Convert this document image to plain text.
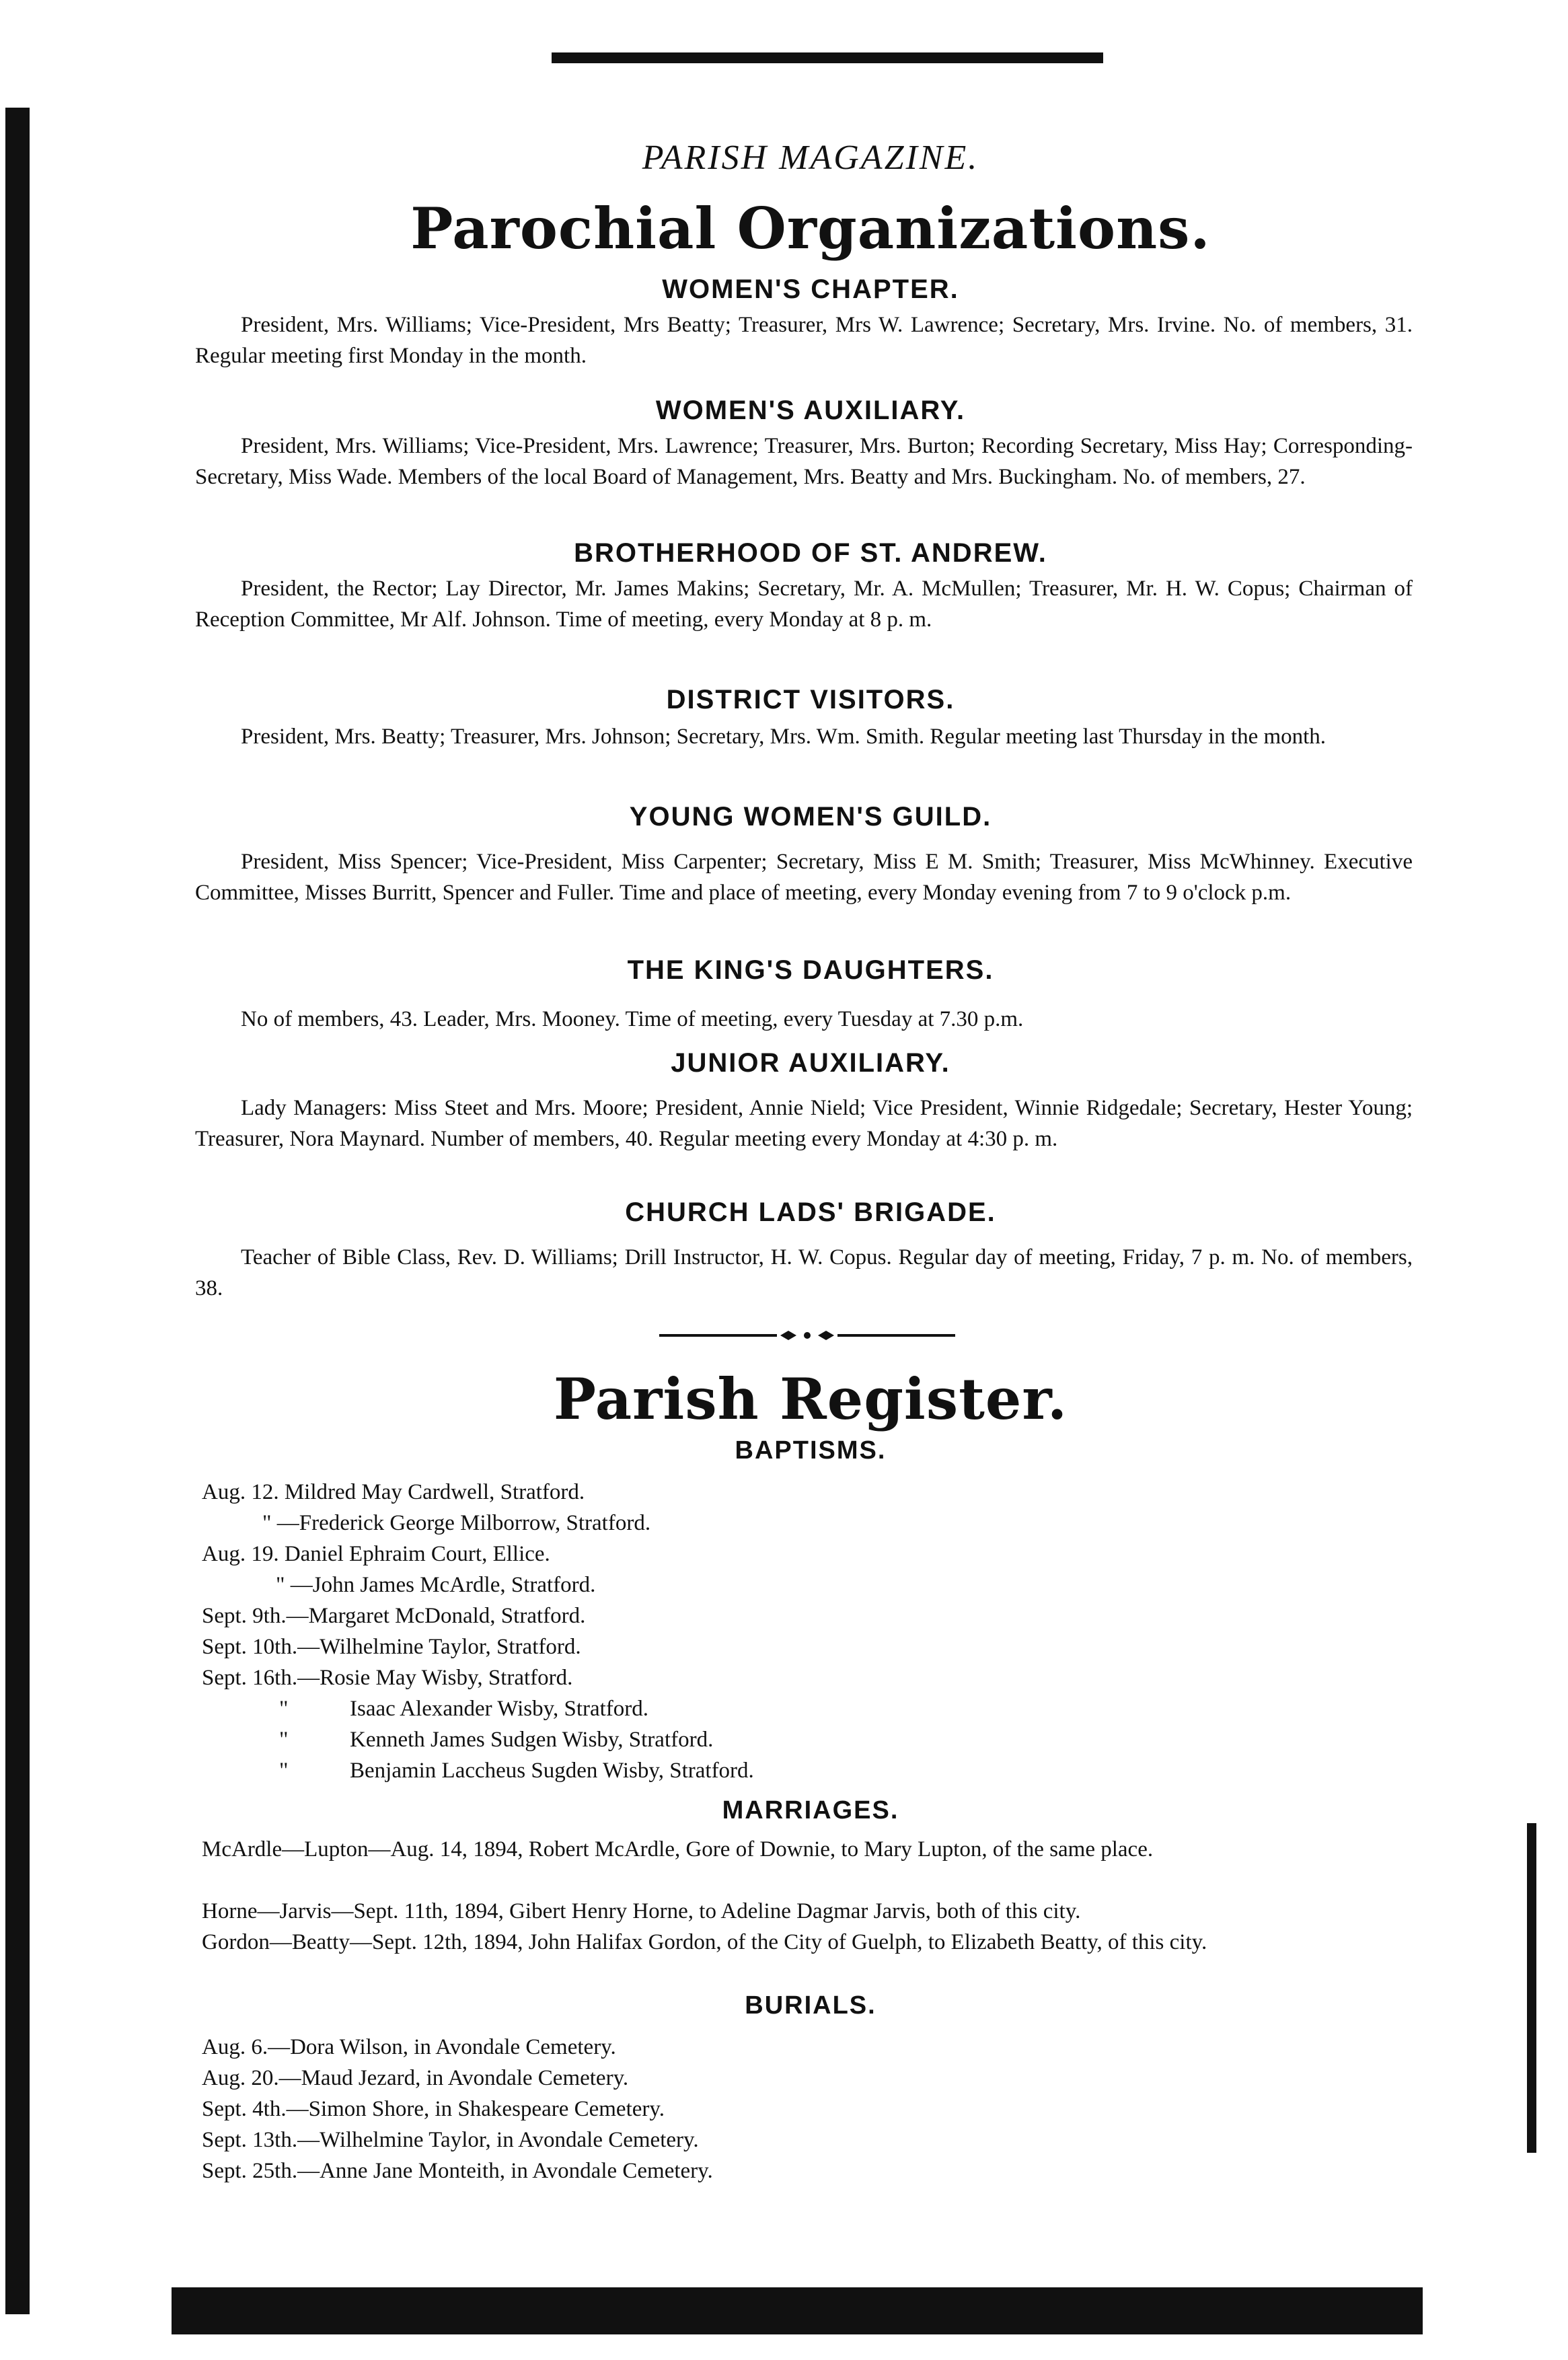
PARISH MAGAZINE.
Parochial Organizations.
WOMEN'S CHAPTER.
President, Mrs. Williams; Vice-President, Mrs Beatty; Treasurer, Mrs W. Lawrence; Secretary, Mrs. Irvine. No. of members, 31. Regular meeting first Monday in the month.
WOMEN'S AUXILIARY.
President, Mrs. Williams; Vice-President, Mrs. Lawrence; Treasurer, Mrs. Burton; Recording Secretary, Miss Hay; Corresponding-Secretary, Miss Wade. Members of the local Board of Management, Mrs. Beatty and Mrs. Buckingham. No. of members, 27.
BROTHERHOOD OF ST. ANDREW.
President, the Rector; Lay Director, Mr. James Makins; Secretary, Mr. A. McMullen; Treasurer, Mr. H. W. Copus; Chairman of Reception Committee, Mr Alf. Johnson. Time of meeting, every Monday at 8 p. m.
DISTRICT VISITORS.
President, Mrs. Beatty; Treasurer, Mrs. Johnson; Secretary, Mrs. Wm. Smith. Regular meeting last Thursday in the month.
YOUNG WOMEN'S GUILD.
President, Miss Spencer; Vice-President, Miss Carpenter; Secretary, Miss E M. Smith; Treasurer, Miss McWhinney. Executive Committee, Misses Burritt, Spencer and Fuller. Time and place of meeting, every Monday evening from 7 to 9 o'clock p.m.
THE KING'S DAUGHTERS.
No of members, 43. Leader, Mrs. Mooney. Time of meeting, every Tuesday at 7.30 p.m.
JUNIOR AUXILIARY.
Lady Managers: Miss Steet and Mrs. Moore; President, Annie Nield; Vice President, Winnie Ridgedale; Secretary, Hester Young; Treasurer, Nora Maynard. Number of members, 40. Regular meeting every Monday at 4:30 p. m.
CHURCH LADS' BRIGADE.
Teacher of Bible Class, Rev. D. Williams; Drill Instructor, H. W. Copus. Regular day of meeting, Friday, 7 p. m. No. of members, 38.
Parish Register.
BAPTISMS.
Aug. 12. Mildred May Cardwell, Stratford.
" —Frederick George Milborrow, Stratford.
Aug. 19. Daniel Ephraim Court, Ellice.
" —John James McArdle, Stratford.
Sept. 9th.—Margaret McDonald, Stratford.
Sept. 10th.—Wilhelmine Taylor, Stratford.
Sept. 16th.—Rosie May Wisby, Stratford.
"	Isaac Alexander Wisby, Stratford.
"	Kenneth James Sudgen Wisby, Stratford.
"	Benjamin Laccheus Sugden Wisby, Stratford.
MARRIAGES.
McArdle—Lupton—Aug. 14, 1894, Robert McArdle, Gore of Downie, to Mary Lupton, of the same place.
Horne—Jarvis—Sept. 11th, 1894, Gibert Henry Horne, to Adeline Dagmar Jarvis, both of this city.
Gordon—Beatty—Sept. 12th, 1894, John Halifax Gordon, of the City of Guelph, to Elizabeth Beatty, of this city.
BURIALS.
Aug. 6.—Dora Wilson, in Avondale Cemetery.
Aug. 20.—Maud Jezard, in Avondale Cemetery.
Sept. 4th.—Simon Shore, in Shakespeare Cemetery.
Sept. 13th.—Wilhelmine Taylor, in Avondale Cemetery.
Sept. 25th.—Anne Jane Monteith, in Avondale Cemetery.
